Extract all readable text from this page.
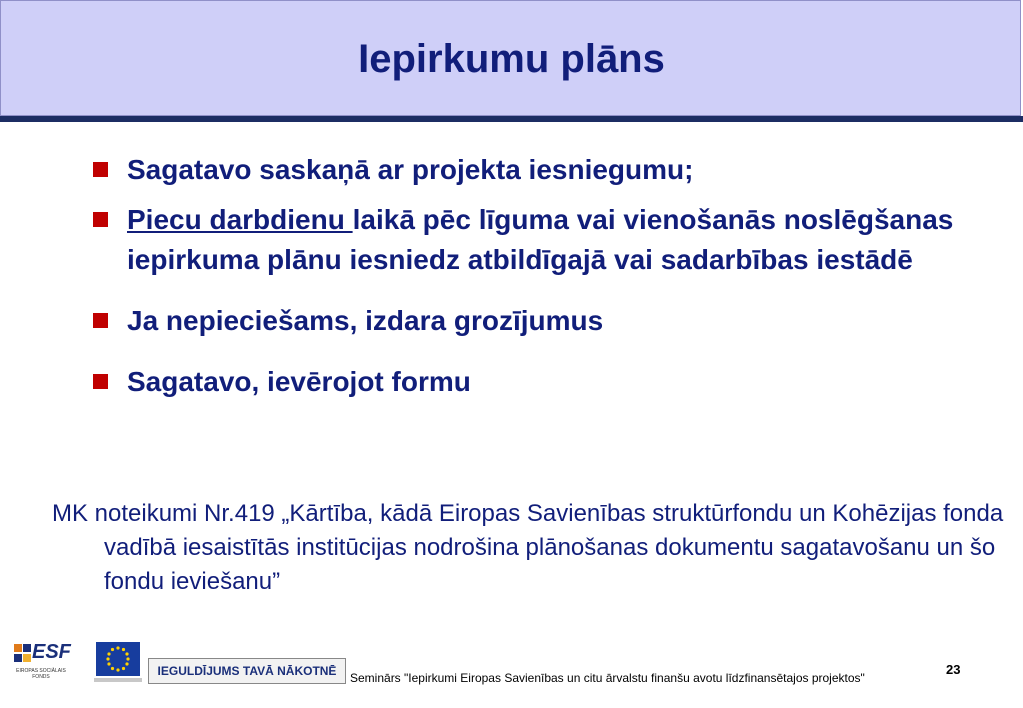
Iepirkumu plāns
Sagatavo saskaņā ar projekta iesniegumu;
Piecu darbdienu laikā pēc līguma vai vienošanās noslēgšanas iepirkuma plānu iesniedz atbildīgajā vai sadarbības iestādē
Ja nepieciešams, izdara grozījumus
Sagatavo, ievērojot formu
MK noteikumi Nr.419 „Kārtība, kādā Eiropas Savienības struktūrfondu un Kohēzijas fonda vadībā iesaistītās institūcijas nodrošina plānošanas dokumentu sagatavošanu un šo fondu ieviešanu”
ESF
EIROPAS SOCIĀLAIS FONDS	IEGULDĪJUMS TAVĀ NĀKOTNĒ	Seminārs "Iepirkumi Eiropas Savienības un citu ārvalstu finanšu avotu līdzfinansētajos projektos"
23
